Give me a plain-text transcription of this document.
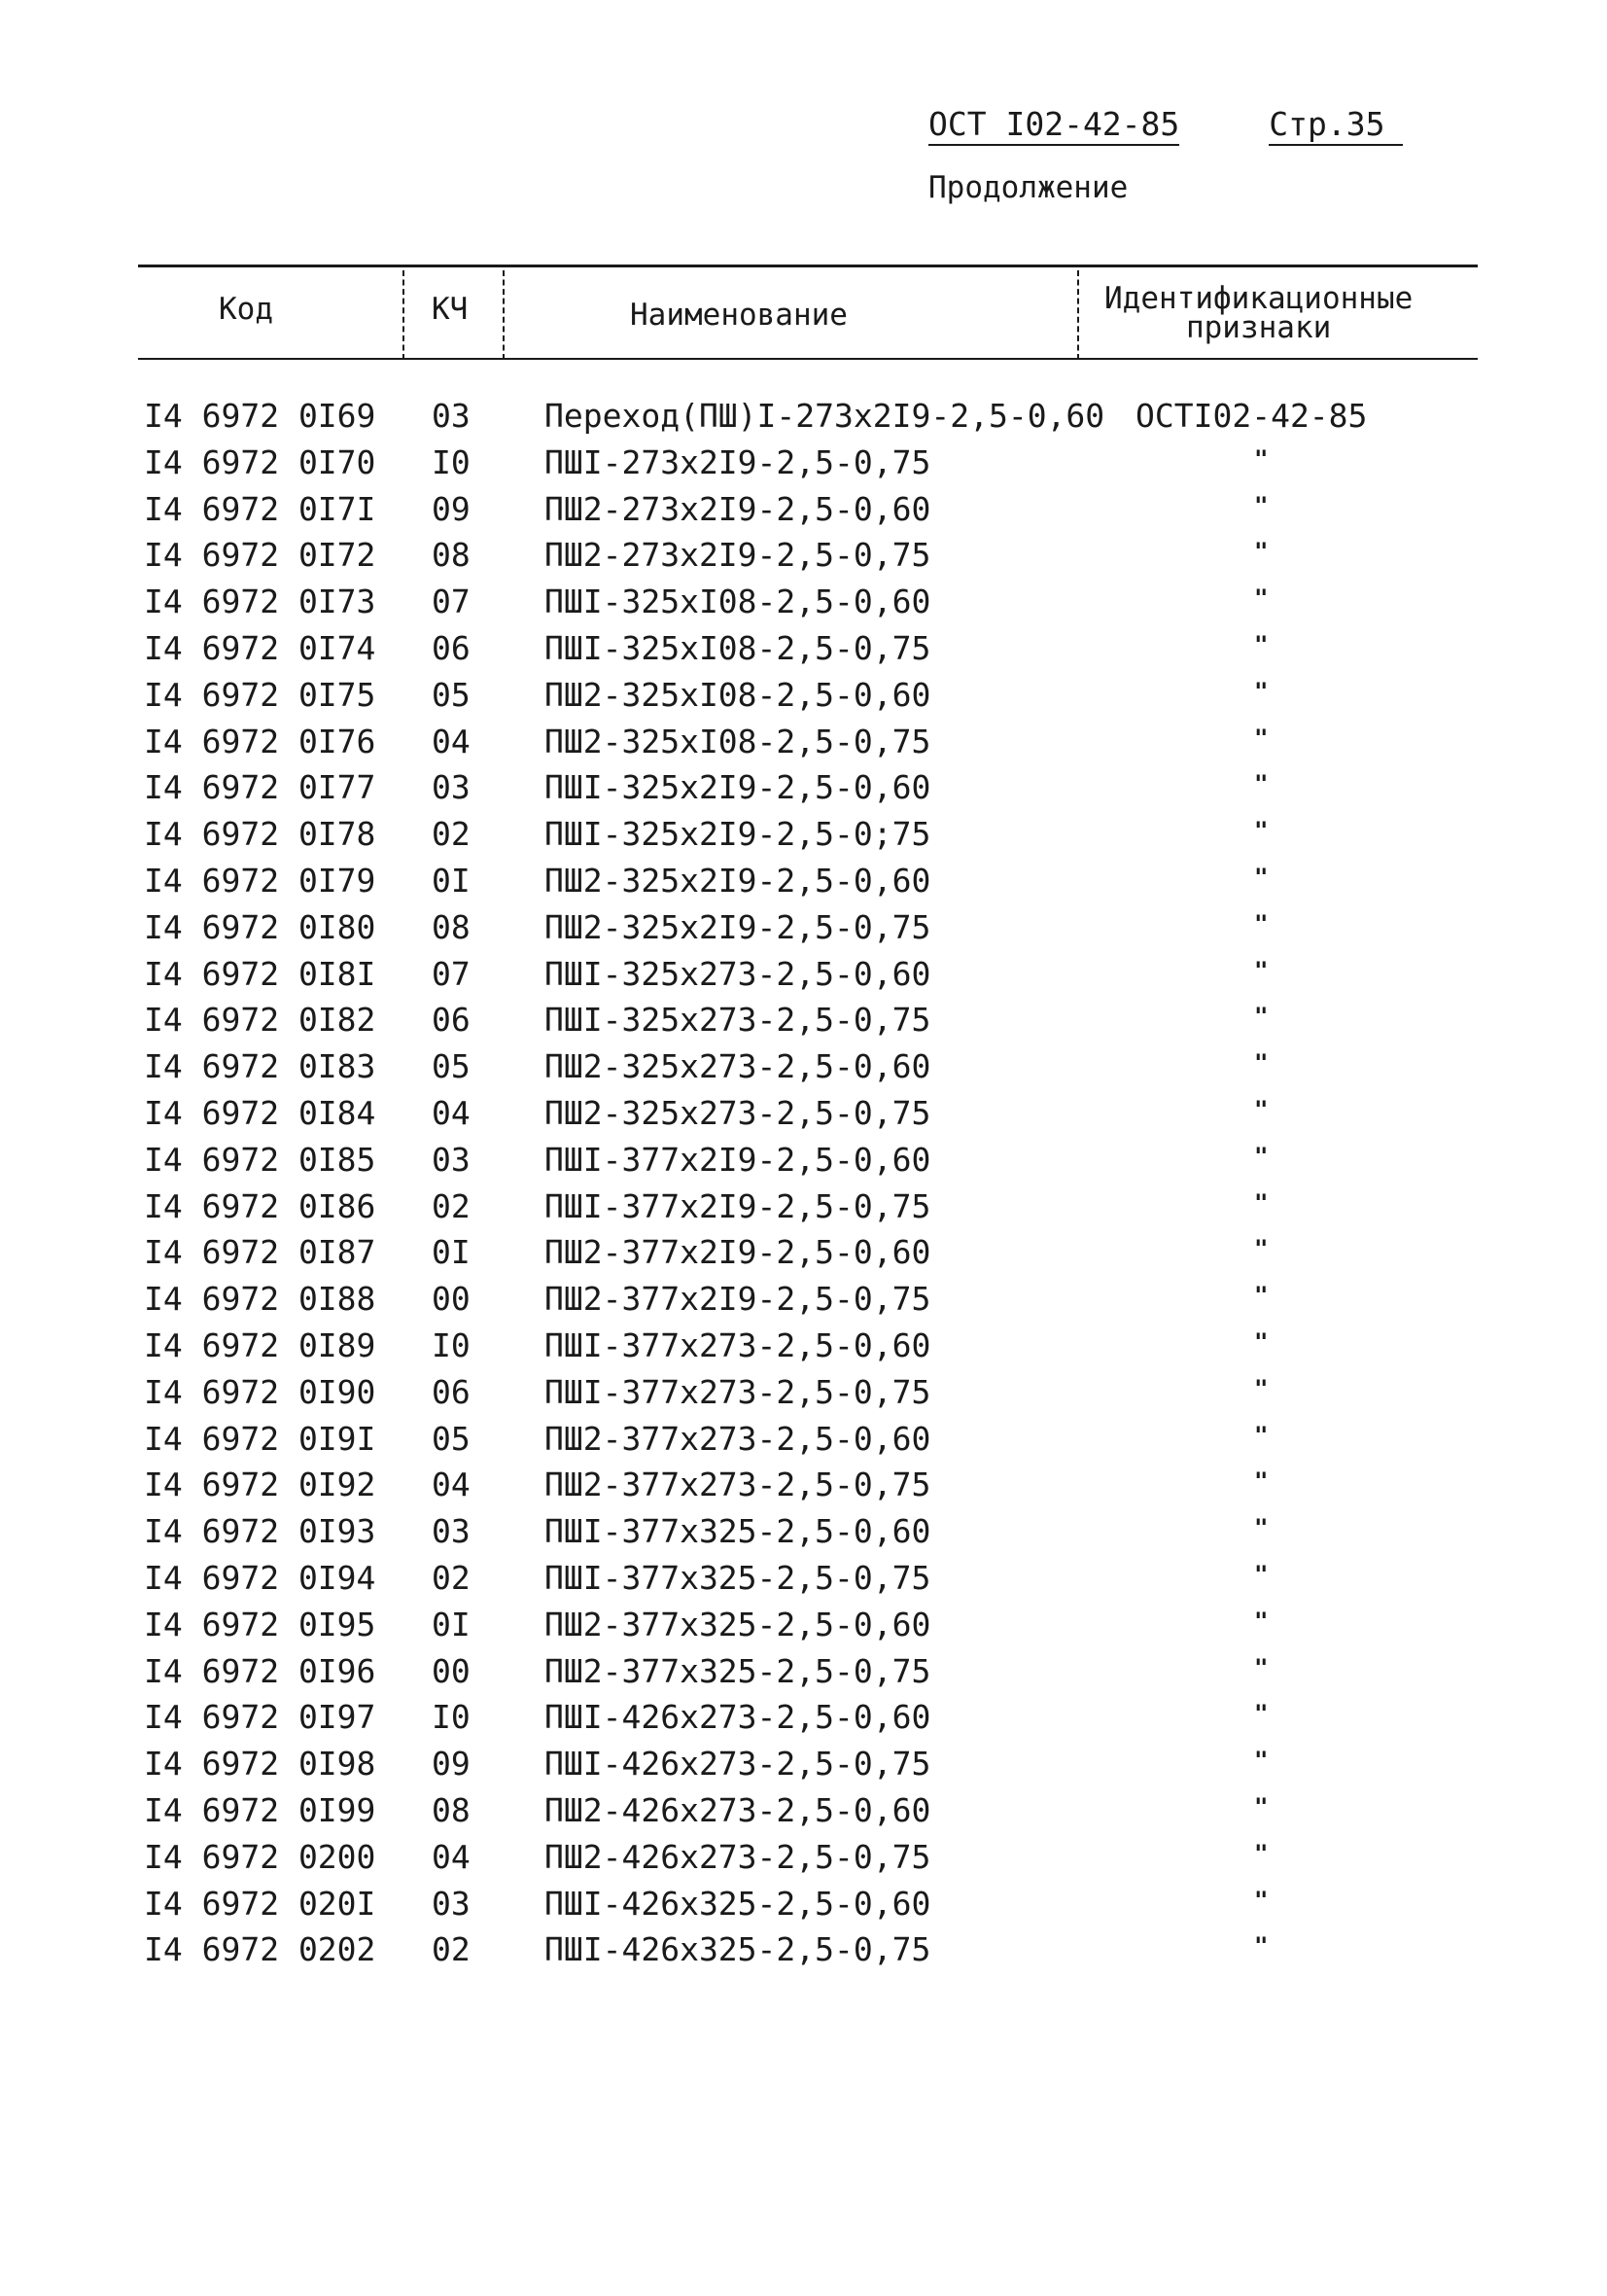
ОСТ I02-42-85	Стр.35
Продолжение
Код	КЧ	Наименование	Идентификационные
признаки
I4 6972 0I69 03 Переход(ПШ)I-273х2I9-2,5-0,60 ОСТI02-42-85
I4 6972 0I70 I0 ПШI-273х2I9-2,5-0,75	"
I4 6972 0I7I 09 ПШ2-273х2I9-2,5-0,60	"
I4 6972 0I72 08 ПШ2-273х2I9-2,5-0,75	"
I4 6972 0I73 07 ПШI-325хI08-2,5-0,60	"
I4 6972 0I74 06 ПШI-325хI08-2,5-0,75	"
I4 6972 0I75 05 ПШ2-325хI08-2,5-0,60	"
I4 6972 0I76 04 ПШ2-325хI08-2,5-0,75	"
I4 6972 0I77 03 ПШI-325х2I9-2,5-0,60	"
I4 6972 0I78 02 ПШI-325х2I9-2,5-0;75	"
I4 6972 0I79 0I ПШ2-325х2I9-2,5-0,60	"
I4 6972 0I80 08 ПШ2-325х2I9-2,5-0,75	"
I4 6972 0I8I 07 ПШI-325х273-2,5-0,60	"
I4 6972 0I82 06 ПШI-325х273-2,5-0,75	"
I4 6972 0I83 05 ПШ2-325х273-2,5-0,60	"
I4 6972 0I84 04 ПШ2-325х273-2,5-0,75	"
I4 6972 0I85 03 ПШI-377х2I9-2,5-0,60	"
I4 6972 0I86 02 ПШI-377х2I9-2,5-0,75	"
I4 6972 0I87 0I ПШ2-377х2I9-2,5-0,60	"
I4 6972 0I88 00 ПШ2-377х2I9-2,5-0,75	"
I4 6972 0I89 I0 ПШI-377х273-2,5-0,60	"
I4 6972 0I90 06 ПШI-377х273-2,5-0,75	"
I4 6972 0I9I 05 ПШ2-377х273-2,5-0,60	"
I4 6972 0I92 04 ПШ2-377х273-2,5-0,75	"
I4 6972 0I93 03 ПШI-377х325-2,5-0,60	"
I4 6972 0I94 02 ПШI-377х325-2,5-0,75	"
I4 6972 0I95 0I ПШ2-377х325-2,5-0,60	"
I4 6972 0I96 00 ПШ2-377х325-2,5-0,75	"
I4 6972 0I97 I0 ПШI-426х273-2,5-0,60	"
I4 6972 0I98 09 ПШI-426х273-2,5-0,75	"
I4 6972 0I99 08 ПШ2-426х273-2,5-0,60	"
I4 6972 0200 04 ПШ2-426х273-2,5-0,75	"
I4 6972 020I 03 ПШI-426х325-2,5-0,60	"
I4 6972 0202 02 ПШI-426х325-2,5-0,75	"
